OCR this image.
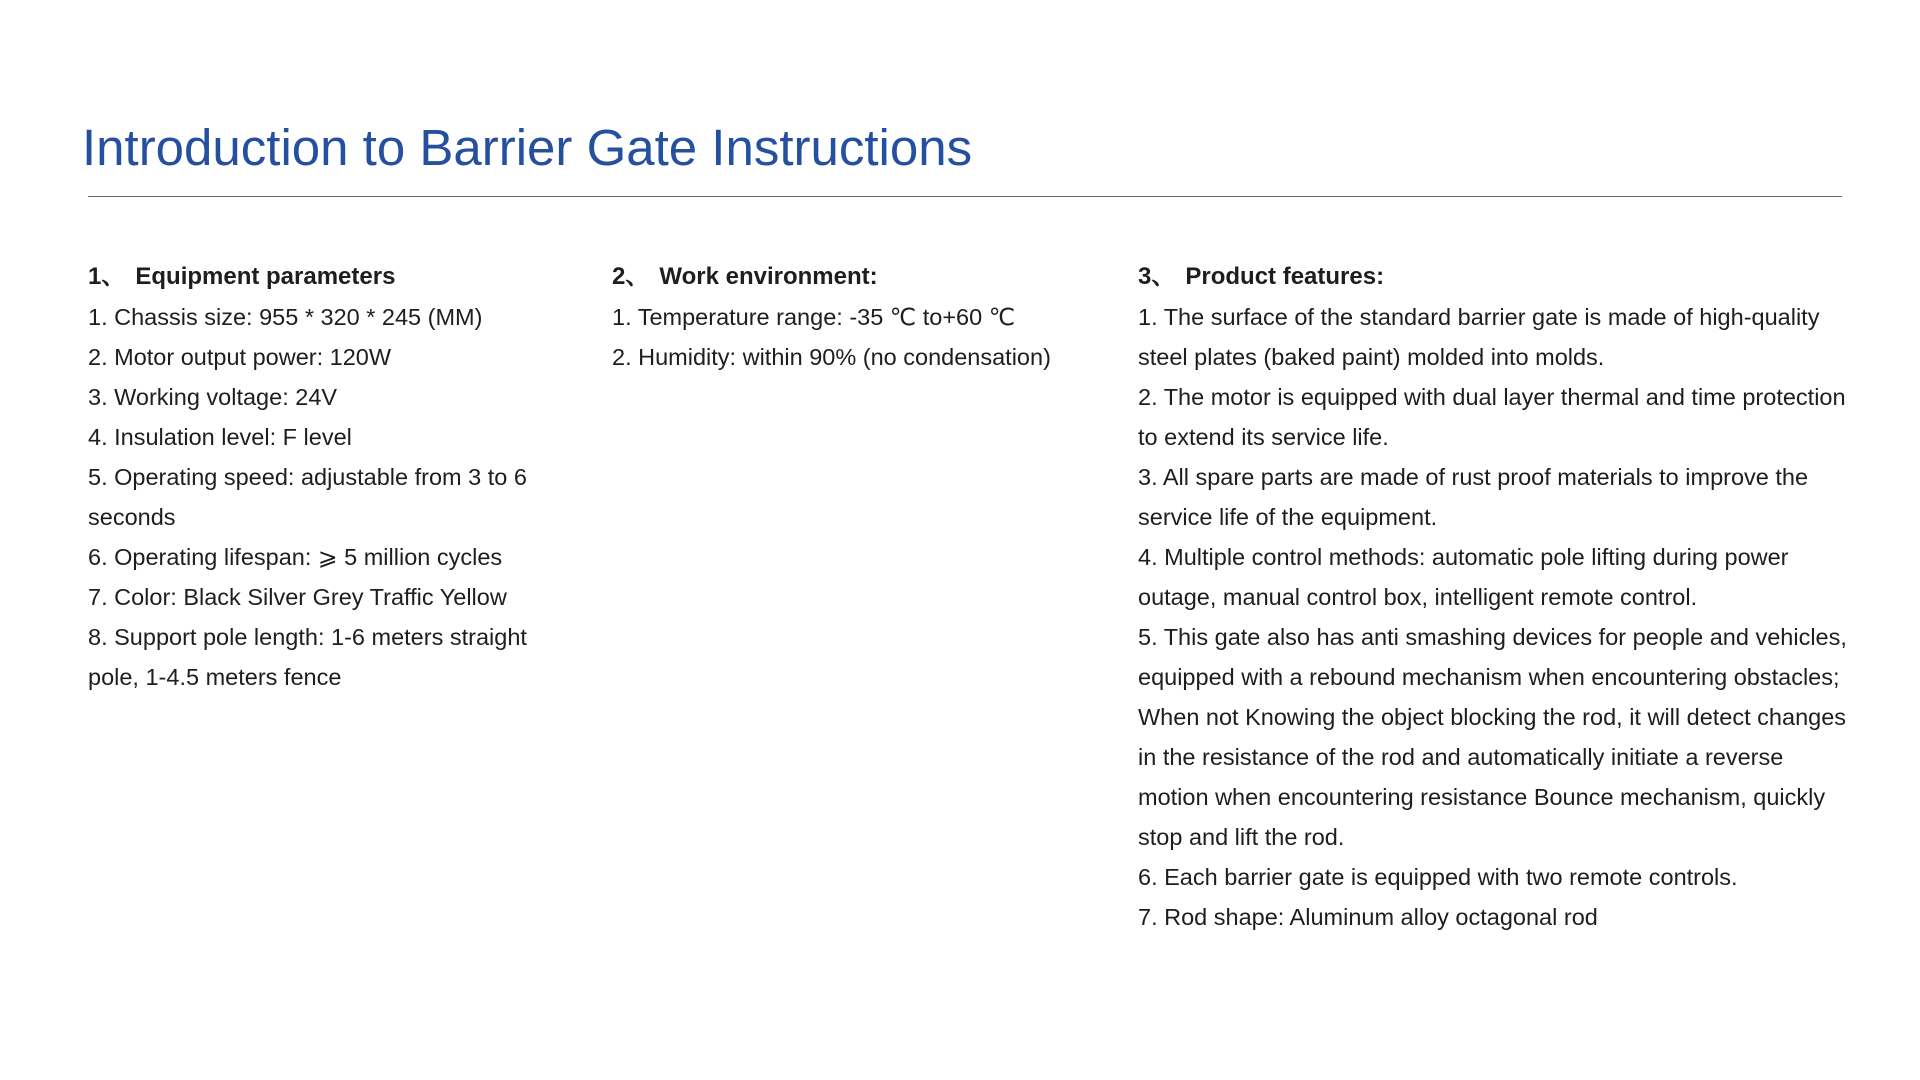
Introduction to Barrier Gate Instructions
1、 Equipment parameters
1. Chassis size: 955 * 320 * 245 (MM)
2. Motor output power: 120W
3. Working voltage: 24V
4. Insulation level: F level
5. Operating speed: adjustable from 3 to 6 seconds
6. Operating lifespan: ⩾ 5 million cycles
7. Color: Black Silver Grey Traffic Yellow
8. Support pole length: 1-6 meters straight pole, 1-4.5 meters fence
2、 Work environment:
1. Temperature range: -35 ℃ to+60 ℃
2. Humidity: within 90% (no condensation)
3、 Product features:
1. The surface of the standard barrier gate is made of high-quality steel plates (baked paint) molded into molds.
2. The motor is equipped with dual layer thermal and time protection to extend its service life.
3. All spare parts are made of rust proof materials to improve the service life of the equipment.
4. Multiple control methods: automatic pole lifting during power outage, manual control box, intelligent remote control.
5. This gate also has anti smashing devices for people and vehicles, equipped with a rebound mechanism when encountering obstacles; When not Knowing the object blocking the rod, it will detect changes in the resistance of the rod and automatically initiate a reverse motion when encountering resistance Bounce mechanism, quickly stop and lift the rod.
6. Each barrier gate is equipped with two remote controls.
7. Rod shape: Aluminum alloy octagonal rod
